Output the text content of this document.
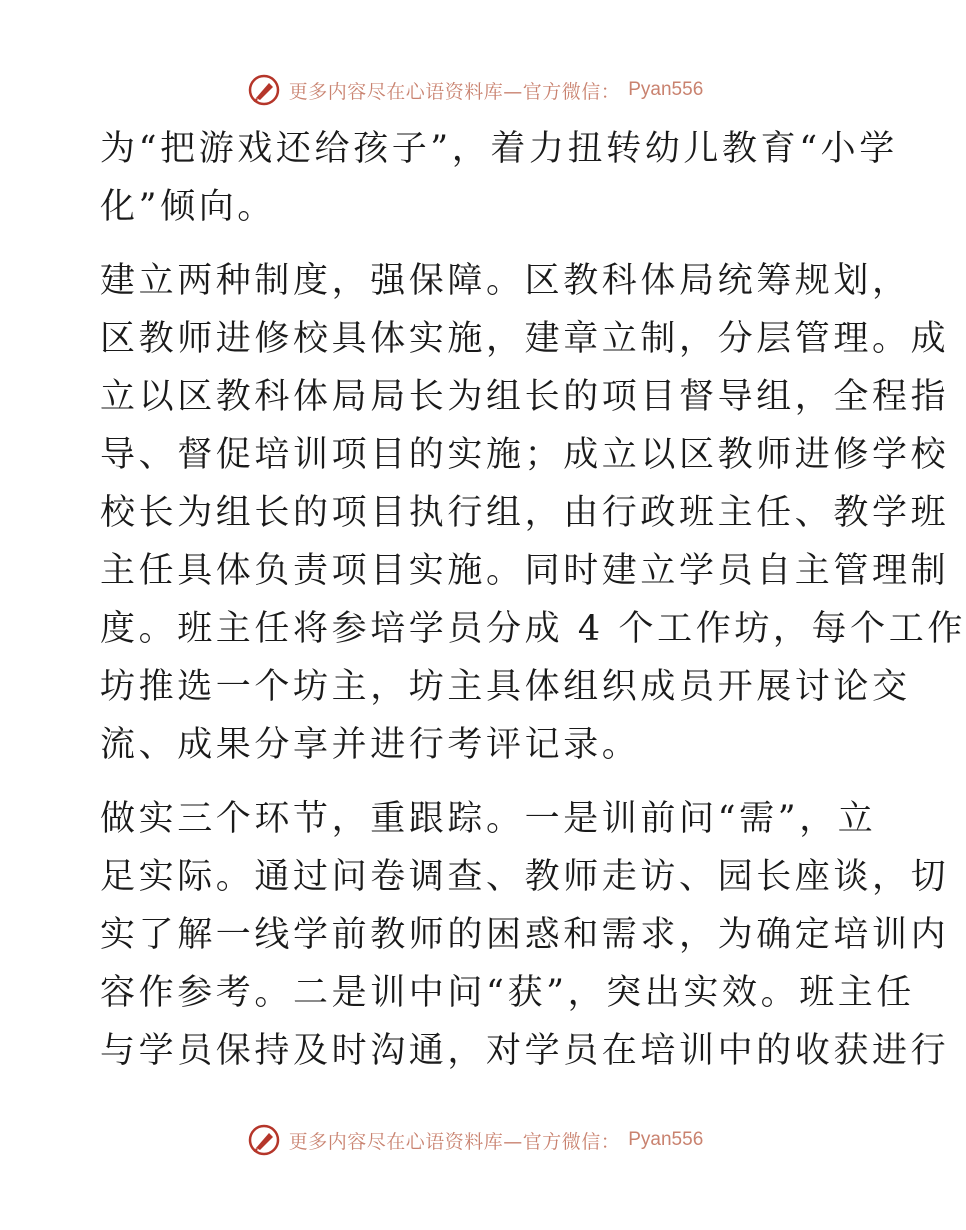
更多内容尽在心语资料库—官方微信： Pyan556

为“把游戏还给孩子”，着力扭转幼儿教育“小学
化”倾向。

建立两种制度，强保障。区教科体局统筹规划，
区教师进修校具体实施，建章立制，分层管理。成
立以区教科体局局长为组长的项目督导组，全程指
导、督促培训项目的实施；成立以区教师进修学校
校长为组长的项目执行组，由行政班主任、教学班
主任具体负责项目实施。同时建立学员自主管理制
度。班主任将参培学员分成 4 个工作坊，每个工作
坊推选一个坊主，坊主具体组织成员开展讨论交
流、成果分享并进行考评记录。

做实三个环节，重跟踪。一是训前问“需”，立
足实际。通过问卷调查、教师走访、园长座谈，切
实了解一线学前教师的困惑和需求，为确定培训内
容作参考。二是训中问“获”，突出实效。班主任
与学员保持及时沟通，对学员在培训中的收获进行

更多内容尽在心语资料库—官方微信： Pyan556
